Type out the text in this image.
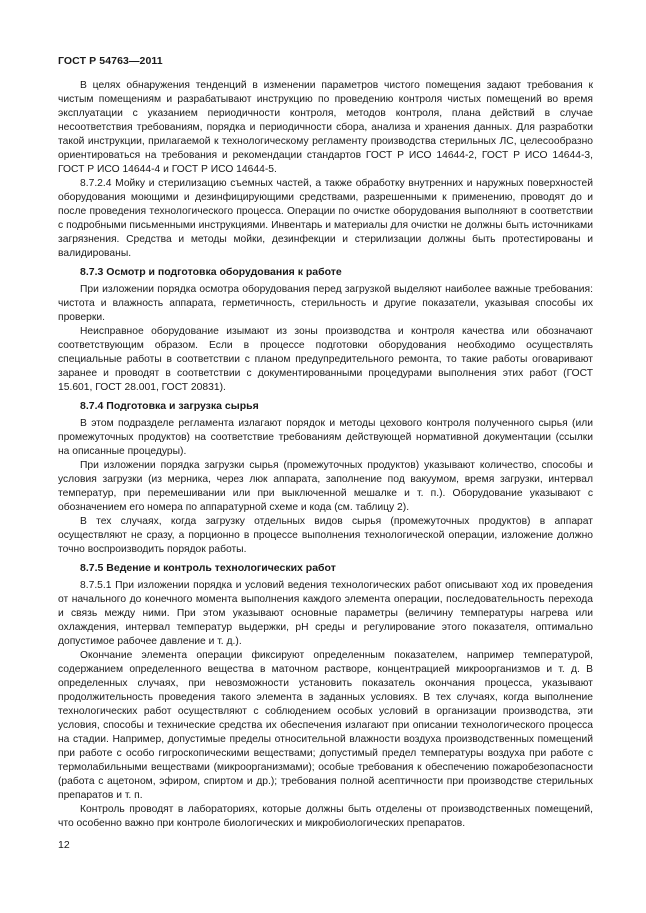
ГОСТ Р 54763—2011

В целях обнаружения тенденций в изменении параметров чистого помещения задают требования к чистым помещениям и разрабатывают инструкцию по проведению контроля чистых помещений во время эксплуатации с указанием периодичности контроля, методов контроля, плана действий в случае несоответствия требованиям, порядка и периодичности сбора, анализа и хранения данных. Для разработки такой инструкции, прилагаемой к технологическому регламенту производства стерильных ЛС, целесообразно ориентироваться на требования и рекомендации стандартов ГОСТ Р ИСО 14644-2, ГОСТ Р ИСО 14644-3, ГОСТ Р ИСО 14644-4 и ГОСТ Р ИСО 14644-5.

8.7.2.4 Мойку и стерилизацию съемных частей, а также обработку внутренних и наружных поверхностей оборудования моющими и дезинфицирующими средствами, разрешенными к применению, проводят до и после проведения технологического процесса. Операции по очистке оборудования выполняют в соответствии с подробными письменными инструкциями. Инвентарь и материалы для очистки не должны быть источниками загрязнения. Средства и методы мойки, дезинфекции и стерилизации должны быть протестированы и валидированы.

8.7.3 Осмотр и подготовка оборудования к работе

При изложении порядка осмотра оборудования перед загрузкой выделяют наиболее важные требования: чистота и влажность аппарата, герметичность, стерильность и другие показатели, указывая способы их проверки.

Неисправное оборудование изымают из зоны производства и контроля качества или обозначают соответствующим образом. Если в процессе подготовки оборудования необходимо осуществлять специальные работы в соответствии с планом предупредительного ремонта, то такие работы оговаривают заранее и проводят в соответствии с документированными процедурами выполнения этих работ (ГОСТ 15.601, ГОСТ 28.001, ГОСТ 20831).

8.7.4 Подготовка и загрузка сырья

В этом подразделе регламента излагают порядок и методы цехового контроля полученного сырья (или промежуточных продуктов) на соответствие требованиям действующей нормативной документации (ссылки на описанные процедуры).

При изложении порядка загрузки сырья (промежуточных продуктов) указывают количество, способы и условия загрузки (из мерника, через люк аппарата, заполнение под вакуумом, время загрузки, интервал температур, при перемешивании или при выключенной мешалке и т. п.). Оборудование указывают с обозначением его номера по аппаратурной схеме и кода (см. таблицу 2).

В тех случаях, когда загрузку отдельных видов сырья (промежуточных продуктов) в аппарат осуществляют не сразу, а порционно в процессе выполнения технологической операции, изложение должно точно воспроизводить порядок работы.

8.7.5 Ведение и контроль технологических работ

8.7.5.1 При изложении порядка и условий ведения технологических работ описывают ход их проведения от начального до конечного момента выполнения каждого элемента операции, последовательность перехода и связь между ними. При этом указывают основные параметры (величину температуры нагрева или охлаждения, интервал температур выдержки, pH среды и регулирование этого показателя, оптимально допустимое рабочее давление и т. д.).

Окончание элемента операции фиксируют определенным показателем, например температурой, содержанием определенного вещества в маточном растворе, концентрацией микроорганизмов и т. д. В определенных случаях, при невозможности установить показатель окончания процесса, указывают продолжительность проведения такого элемента в заданных условиях. В тех случаях, когда выполнение технологических работ осуществляют с соблюдением особых условий в организации производства, эти условия, способы и технические средства их обеспечения излагают при описании технологического процесса на стадии. Например, допустимые пределы относительной влажности воздуха производственных помещений при работе с особо гигроскопическими веществами; допустимый предел температуры воздуха при работе с термолабильными веществами (микроорганизмами); особые требования к обеспечению пожаробезопасности (работа с ацетоном, эфиром, спиртом и др.); требования полной асептичности при производстве стерильных препаратов и т. п.

Контроль проводят в лабораториях, которые должны быть отделены от производственных помещений, что особенно важно при контроле биологических и микробиологических препаратов.

12
